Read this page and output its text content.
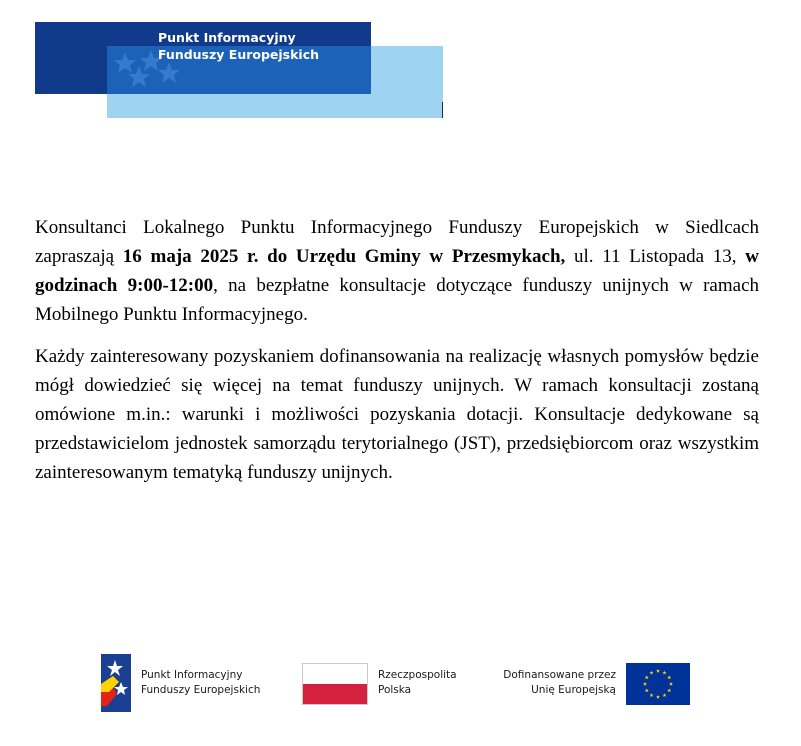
Punkt Informacyjny
Funduszy Europejskich

Konsultanci Lokalnego Punktu Informacyjnego Funduszy Europejskich w Siedlcach zapraszają 16 maja 2025 r. do Urzędu Gminy w Przesmykach, ul. 11 Listopada 13, w godzinach 9:00-12:00, na bezpłatne konsultacje dotyczące funduszy unijnych w ramach Mobilnego Punktu Informacyjnego.

Każdy zainteresowany pozyskaniem dofinansowania na realizację własnych pomysłów będzie mógł dowiedzieć się więcej na temat funduszy unijnych. W ramach konsultacji zostaną omówione m.in.: warunki i możliwości pozyskania dotacji. Konsultacje dedykowane są przedstawicielom jednostek samorządu terytorialnego (JST), przedsiębiorcom oraz wszystkim zainteresowanym tematyką funduszy unijnych.

Punkt Informacyjny
Funduszy Europejskich
Rzeczpospolita
Polska
Dofinansowane przez
Unię Europejską
